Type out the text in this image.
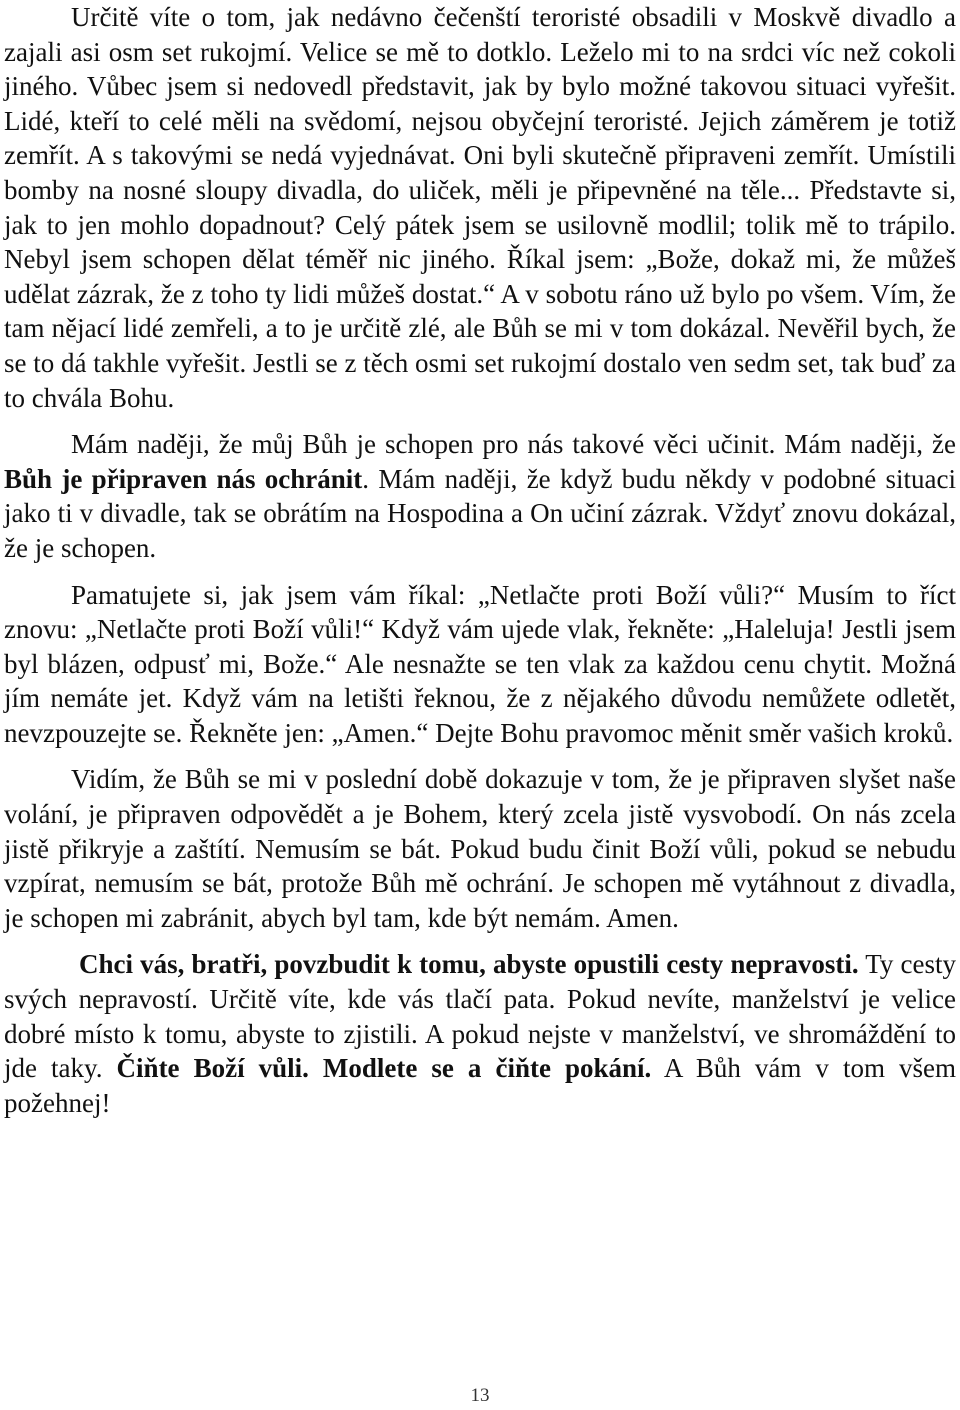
Určitě víte o tom, jak nedávno čečenští teroristé obsadili v Moskvě divadlo a zajali asi osm set rukojmí. Velice se mě to dotklo. Leželo mi to na srdci víc než cokoli jiného. Vůbec jsem si nedovedl představit, jak by bylo možné takovou situaci vyřešit. Lidé, kteří to celé měli na svědomí, nejsou obyčejní teroristé. Jejich záměrem je totiž zemřít. A s takovými se nedá vyjednávat. Oni byli skutečně připraveni zemřít. Umístili bomby na nosné sloupy divadla, do uliček, měli je připevněné na těle... Představte si, jak to jen mohlo dopadnout? Celý pátek jsem se usilovně modlil; tolik mě to trápilo. Nebyl jsem schopen dělat téměř nic jiného. Říkal jsem: „Bože, dokaž mi, že můžeš udělat zázrak, že z toho ty lidi můžeš dostat.“ A v sobotu ráno už bylo po všem. Vím, že tam nějací lidé zemřeli, a to je určitě zlé, ale Bůh se mi v tom dokázal. Nevěřil bych, že se to dá takhle vyřešit. Jestli se z těch osmi set rukojmí dostalo ven sedm set, tak buď za to chvála Bohu.

Mám naději, že můj Bůh je schopen pro nás takové věci učinit. Mám naději, že Bůh je připraven nás ochránit. Mám naději, že když budu někdy v podobné situaci jako ti v divadle, tak se obrátím na Hospodina a On učiní zázrak. Vždyť znovu dokázal, že je schopen.

Pamatujete si, jak jsem vám říkal: „Netlačte proti Boží vůli?“ Musím to říct znovu: „Netlačte proti Boží vůli!“ Když vám ujede vlak, řekněte: „Haleluja! Jestli jsem byl blázen, odpusť mi, Bože.“ Ale nesnažte se ten vlak za každou cenu chytit. Možná jím nemáte jet. Když vám na letišti řeknou, že z nějakého důvodu nemůžete odletět, nevzpouzejte se. Řekněte jen: „Amen.“ Dejte Bohu pravomoc měnit směr vašich kroků.

Vidím, že Bůh se mi v poslední době dokazuje v tom, že je připraven slyšet naše volání, je připraven odpovědět a je Bohem, který zcela jistě vysvobodí. On nás zcela jistě přikryje a zaštítí. Nemusím se bát. Pokud budu činit Boží vůli, pokud se nebudu vzpírat, nemusím se bát, protože Bůh mě ochrání. Je schopen mě vytáhnout z divadla, je schopen mi zabránit, abych byl tam, kde být nemám. Amen.

Chci vás, bratři, povzbudit k tomu, abyste opustili cesty nepravosti. Ty cesty svých nepravostí. Určitě víte, kde vás tlačí pata. Pokud nevíte, manželství je velice dobré místo k tomu, abyste to zjistili. A pokud nejste v manželství, ve shromáždění to jde taky. Čiňte Boží vůli. Modlete se a čiňte pokání. A Bůh vám v tom všem požehnej!

13
